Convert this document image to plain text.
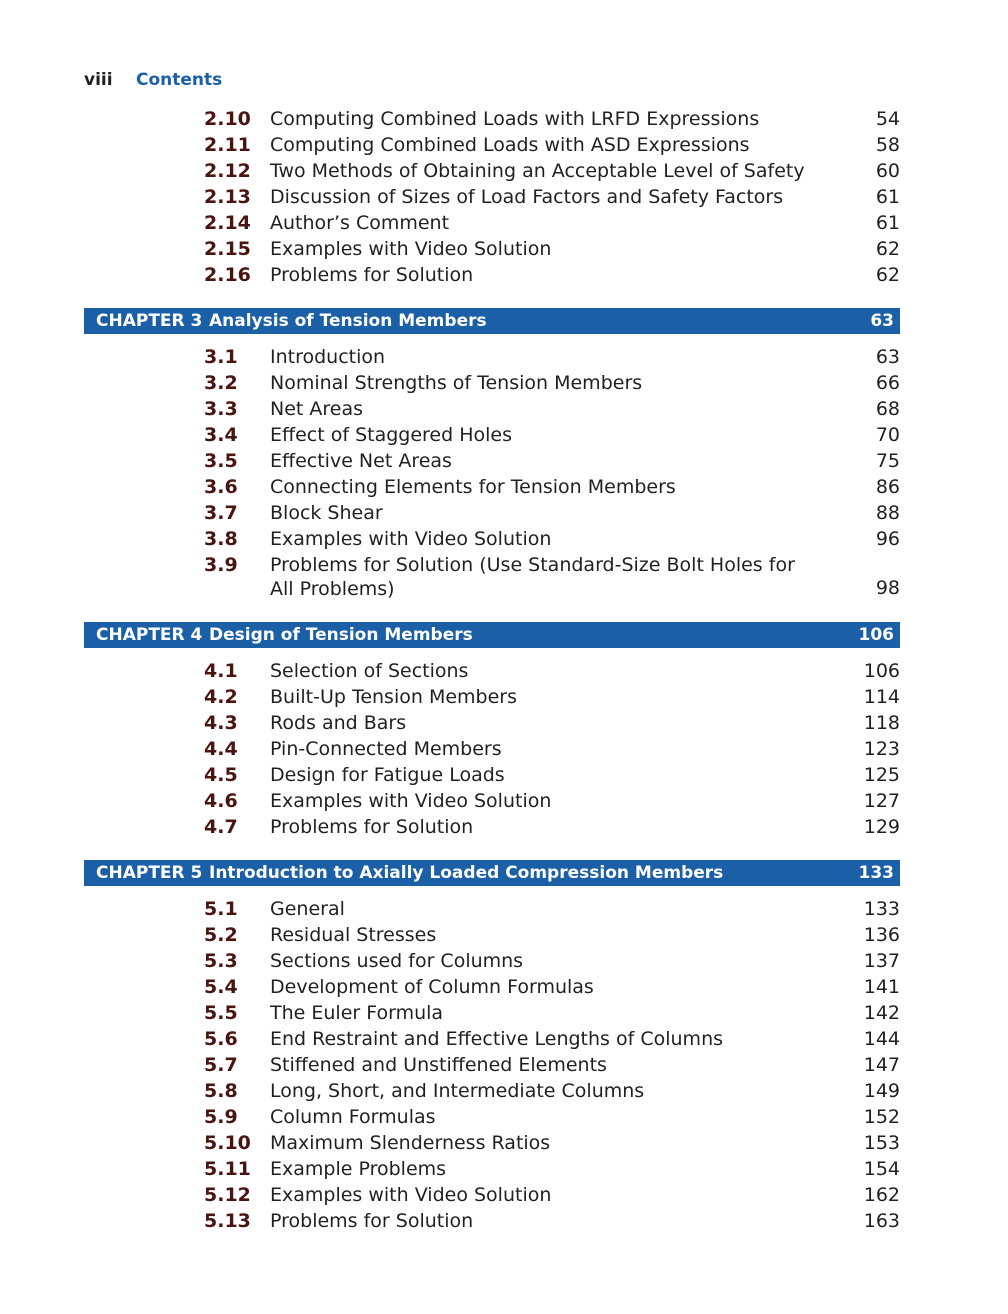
viii	Contents
2.10 Computing Combined Loads with LRFD Expressions	54
2.11 Computing Combined Loads with ASD Expressions	58
2.12 Two Methods of Obtaining an Acceptable Level of Safety	60
2.13 Discussion of Sizes of Load Factors and Safety Factors	61
2.14 Author’s Comment	61
2.15 Examples with Video Solution	62
2.16 Problems for Solution	62
CHAPTER 3 Analysis of Tension Members	63
3.1 Introduction	63
3.2 Nominal Strengths of Tension Members	66
3.3 Net Areas	68
3.4 Effect of Staggered Holes	70
3.5 Effective Net Areas	75
3.6 Connecting Elements for Tension Members	86
3.7 Block Shear	88
3.8 Examples with Video Solution	96
3.9 Problems for Solution (Use Standard-Size Bolt Holes for All Problems)	98
CHAPTER 4 Design of Tension Members	106
4.1 Selection of Sections	106
4.2 Built-Up Tension Members	114
4.3 Rods and Bars	118
4.4 Pin-Connected Members	123
4.5 Design for Fatigue Loads	125
4.6 Examples with Video Solution	127
4.7 Problems for Solution	129
CHAPTER 5 Introduction to Axially Loaded Compression Members	133
5.1 General	133
5.2 Residual Stresses	136
5.3 Sections used for Columns	137
5.4 Development of Column Formulas	141
5.5 The Euler Formula	142
5.6 End Restraint and Effective Lengths of Columns	144
5.7 Stiffened and Unstiffened Elements	147
5.8 Long, Short, and Intermediate Columns	149
5.9 Column Formulas	152
5.10 Maximum Slenderness Ratios	153
5.11 Example Problems	154
5.12 Examples with Video Solution	162
5.13 Problems for Solution	163
